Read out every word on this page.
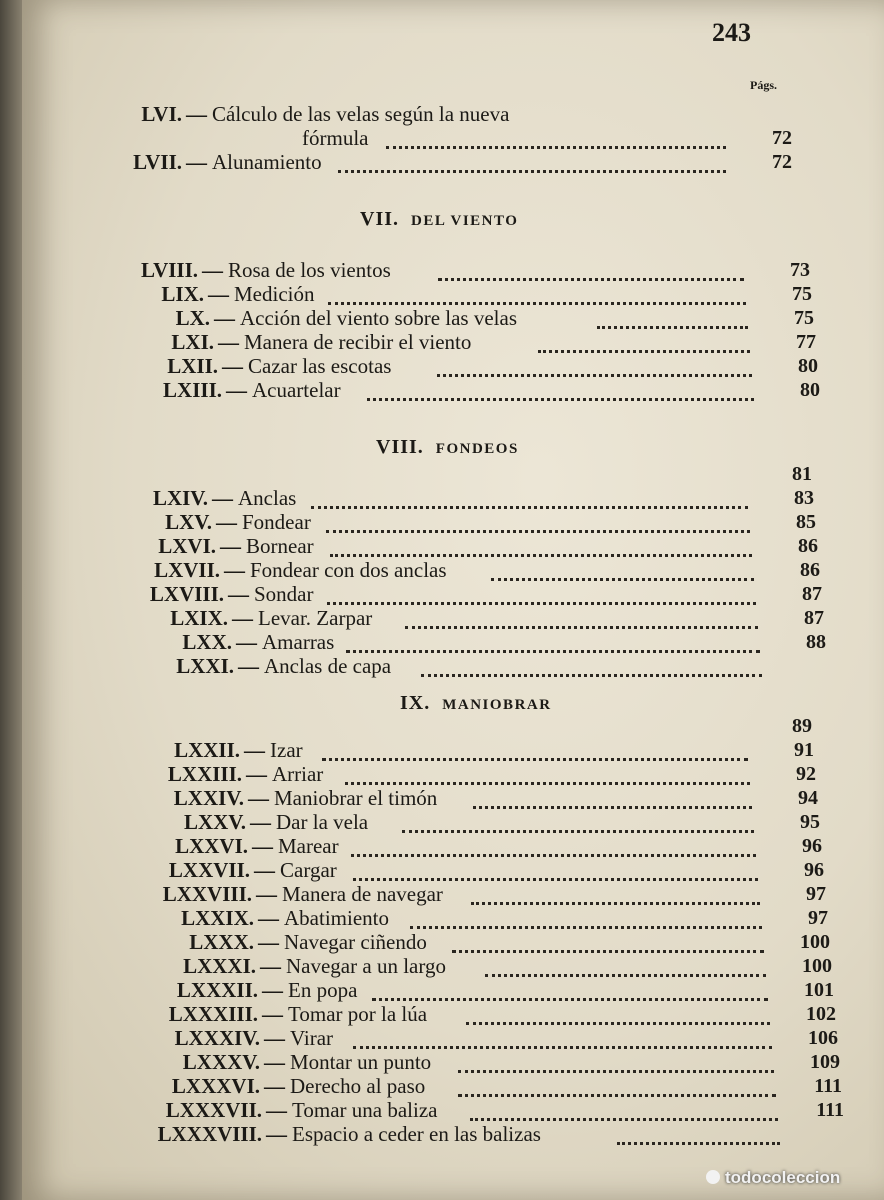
243
Págs.
VII. DEL VIENTO
VIII. FONDEOS
IX. MANIOBRAR
LVI. — Cálculo de las velas según la nueva
fórmula	72
LVII. — Alunamiento	72
LVIII. — Rosa de los vientos	73
LIX. — Medición	75
LX. — Acción del viento sobre las velas	75
LXI. — Manera de recibir el viento	77
LXII. — Cazar las escotas	80
LXIII. — Acuartelar	80
81
LXIV. — Anclas	83
LXV. — Fondear	85
LXVI. — Bornear	86
LXVII. — Fondear con dos anclas	86
LXVIII. — Sondar	87
LXIX. — Levar. Zarpar	87
LXX. — Amarras	88
LXXI. — Anclas de capa
89
LXXII. — Izar	91
LXXIII. — Arriar	92
LXXIV. — Maniobrar el timón	94
LXXV. — Dar la vela	95
LXXVI. — Marear	96
LXXVII. — Cargar	96
LXXVIII. — Manera de navegar	97
LXXIX. — Abatimiento	97
LXXX. — Navegar ciñendo	100
LXXXI. — Navegar a un largo	100
LXXXII. — En popa	101
LXXXIII. — Tomar por la lúa	102
LXXXIV. — Virar	106
LXXXV. — Montar un punto	109
LXXXVI. — Derecho al paso	111
LXXXVII. — Tomar una baliza	111
LXXXVIII. — Espacio a ceder en las balizas
todocoleccion
